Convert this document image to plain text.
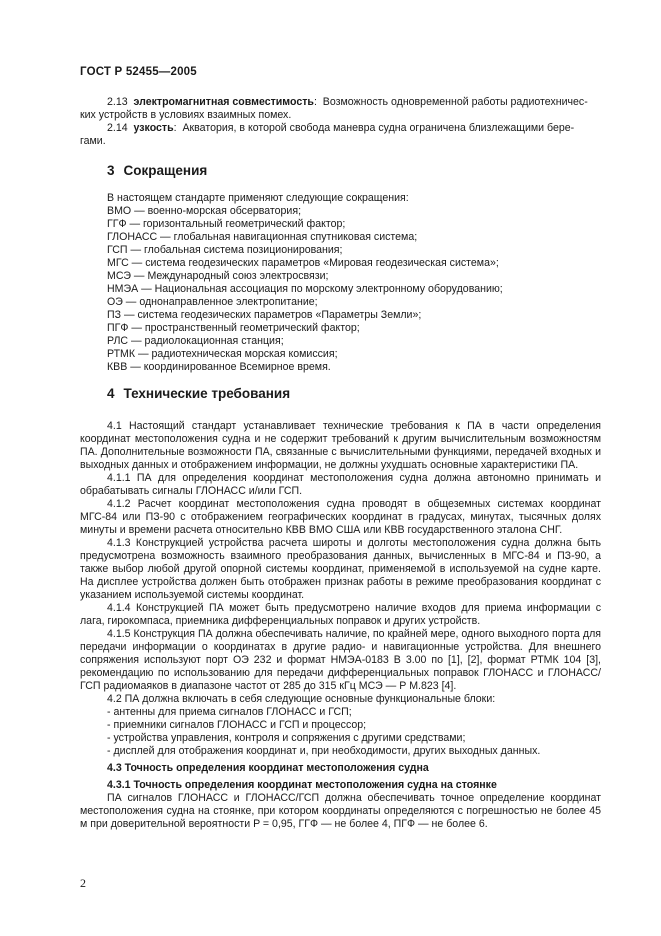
ГОСТ Р 52455—2005
2.13 электромагнитная совместимость:  Возможность одновременной работы радиотехничес-
ких устройств в условиях взаимных помех.
2.14 узкость:  Акватория, в которой свобода маневра судна ограничена близлежащими бере-
гами.
3 Сокращения
В настоящем стандарте применяют следующие сокращения:
ВМО — военно-морская обсерватория;
ГГФ — горизонтальный геометрический фактор;
ГЛОНАСС — глобальная навигационная спутниковая система;
ГСП — глобальная система позиционирования;
МГС — система геодезических параметров «Мировая геодезическая система»;
МСЭ — Международный союз электросвязи;
НМЭА — Национальная ассоциация по морскому электронному оборудованию;
ОЭ — однонаправленное электропитание;
ПЗ — система геодезических параметров «Параметры Земли»;
ПГФ — пространственный геометрический фактор;
РЛС — радиолокационная станция;
РТМК — радиотехническая морская комиссия;
КВВ — координированное Всемирное время.
4 Технические требования

4.1 Настоящий стандарт устанавливает технические требования к ПА в части определения координат местоположения судна и не содержит требований к другим вычислительным возможностям ПА. Дополнительные возможности ПА, связанные с вычислительными функциями, передачей входных и выходных данных и отображением информации, не должны ухудшать основные характеристики ПА.

4.1.1 ПА для определения координат местоположения судна должна автономно принимать и обрабатывать сигналы ГЛОНАСС и/или ГСП.

4.1.2 Расчет координат местоположения судна проводят в общеземных системах координат МГС-84 или ПЗ-90 с отображением географических координат в градусах, минутах, тысячных долях минуты и времени расчета относительно КВВ ВМО США или КВВ государственного эталона СНГ.

4.1.3 Конструкцией устройства расчета широты и долготы местоположения судна должна быть предусмотрена возможность взаимного преобразования данных, вычисленных в МГС-84 и ПЗ-90, а также выбор любой другой опорной системы координат, применяемой в используемой на судне карте. На дисплее устройства должен быть отображен признак работы в режиме преобразования координат с указанием используемой системы координат.

4.1.4 Конструкцией ПА может быть предусмотрено наличие входов для приема информации с лага, гирокомпаса, приемника дифференциальных поправок и других устройств.

4.1.5 Конструкция ПА должна обеспечивать наличие, по крайней мере, одного выходного порта для передачи информации о координатах в другие радио- и навигационные устройства. Для внешнего сопряжения используют порт ОЭ 232 и формат НМЭА-0183 В 3.00 по [1], [2], формат РТМК 104 [3], рекомендацию по использованию для передачи дифференциальных поправок ГЛОНАСС и ГЛОНАСС/ГСП радиомаяков в диапазоне частот от 285 до 315 кГц МСЭ — Р М.823 [4].

4.2 ПА должна включать в себя следующие основные функциональные блоки:

- антенны для приема сигналов ГЛОНАСС и ГСП;
- приемники сигналов ГЛОНАСС и ГСП и процессор;
- устройства управления, контроля и сопряжения с другими средствами;
- дисплей для отображения координат и, при необходимости, других выходных данных.
4.3 Точность определения координат местоположения судна
4.3.1 Точность определения координат местоположения судна на стоянке

ПА сигналов ГЛОНАСС и ГЛОНАСС/ГСП должна обеспечивать точное определение координат местоположения судна на стоянке, при котором координаты определяются с погрешностью не более 45 м при доверительной вероятности P = 0,95, ГГФ — не более 4, ПГФ — не более 6.

2
